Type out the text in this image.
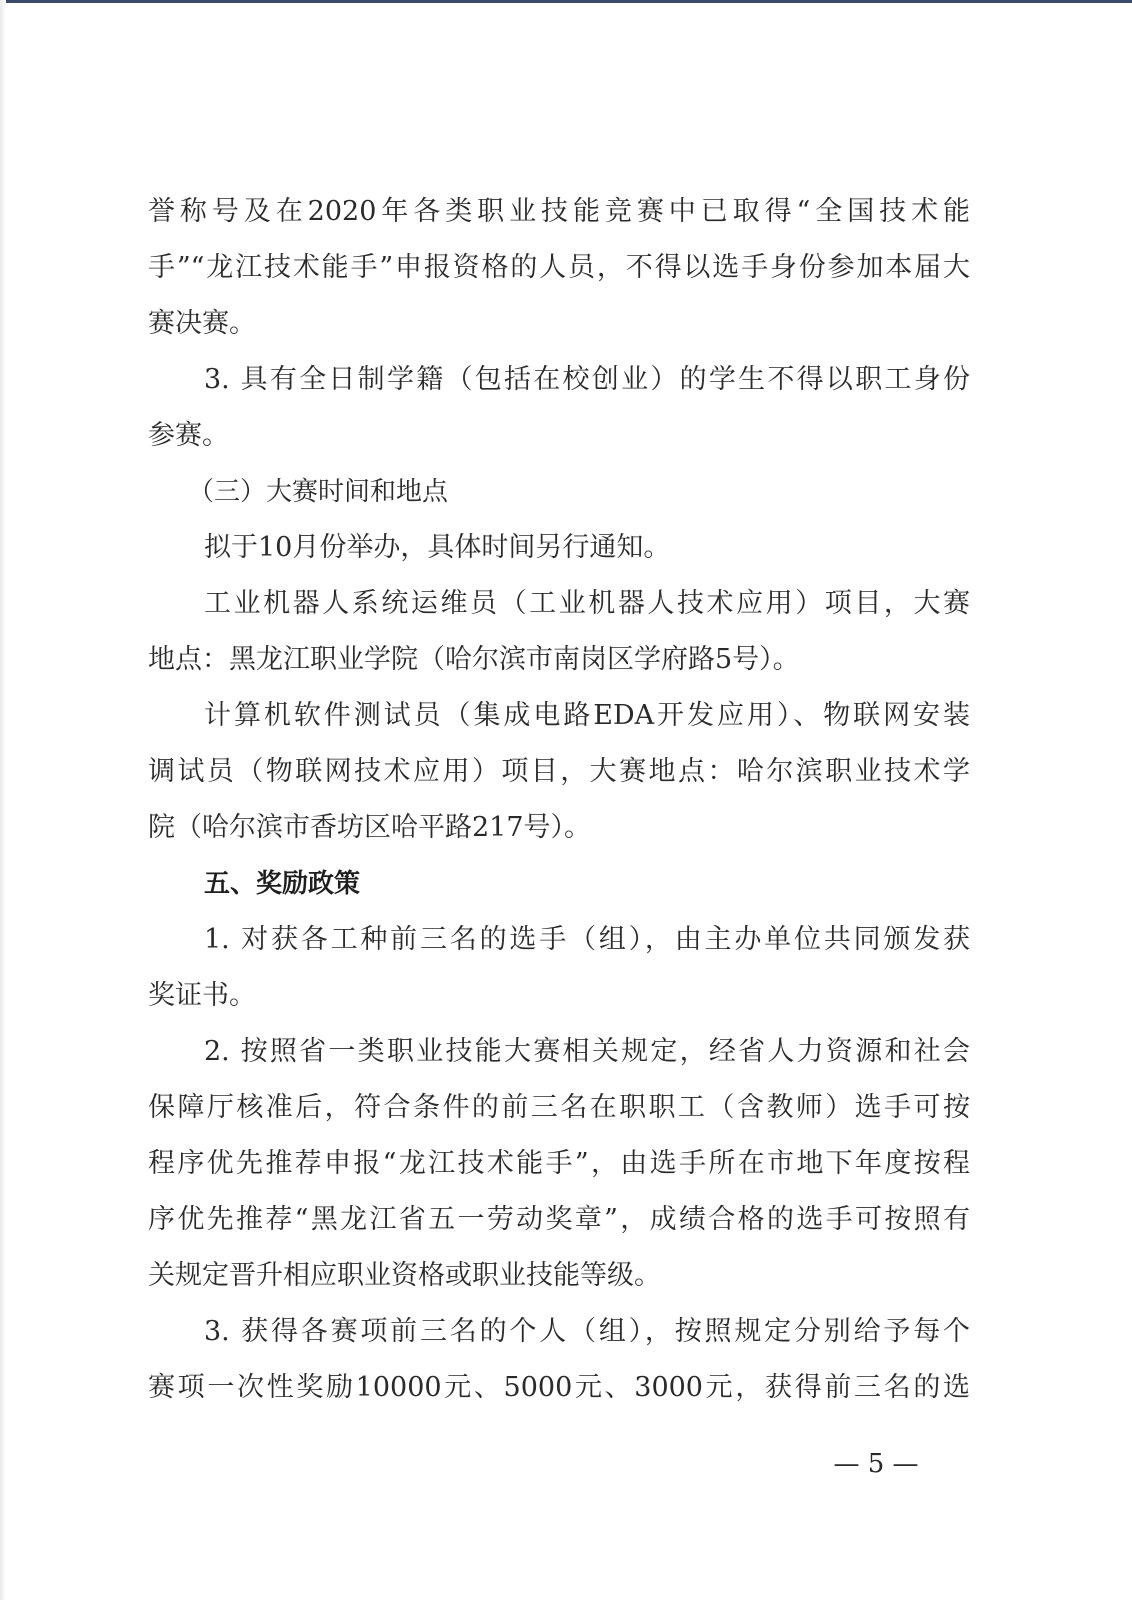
誉称号及在2020年各类职业技能竞赛中已取得“全国技术能
手”“龙江技术能手”申报资格的人员，不得以选手身份参加本届大
赛决赛。
3. 具有全日制学籍（包括在校创业）的学生不得以职工身份
参赛。
（三）大赛时间和地点
拟于10月份举办，具体时间另行通知。
工业机器人系统运维员（工业机器人技术应用）项目，大赛
地点：黑龙江职业学院（哈尔滨市南岗区学府路5号）。
计算机软件测试员（集成电路EDA开发应用）、物联网安装
调试员（物联网技术应用）项目，大赛地点：哈尔滨职业技术学
院（哈尔滨市香坊区哈平路217号）。
五、奖励政策
1. 对获各工种前三名的选手（组），由主办单位共同颁发获
奖证书。
2. 按照省一类职业技能大赛相关规定，经省人力资源和社会
保障厅核准后，符合条件的前三名在职职工（含教师）选手可按
程序优先推荐申报“龙江技术能手”，由选手所在市地下年度按程
序优先推荐“黑龙江省五一劳动奖章”，成绩合格的选手可按照有
关规定晋升相应职业资格或职业技能等级。
3. 获得各赛项前三名的个人（组），按照规定分别给予每个
赛项一次性奖励10000元、5000元、3000元，获得前三名的选
— 5 —
